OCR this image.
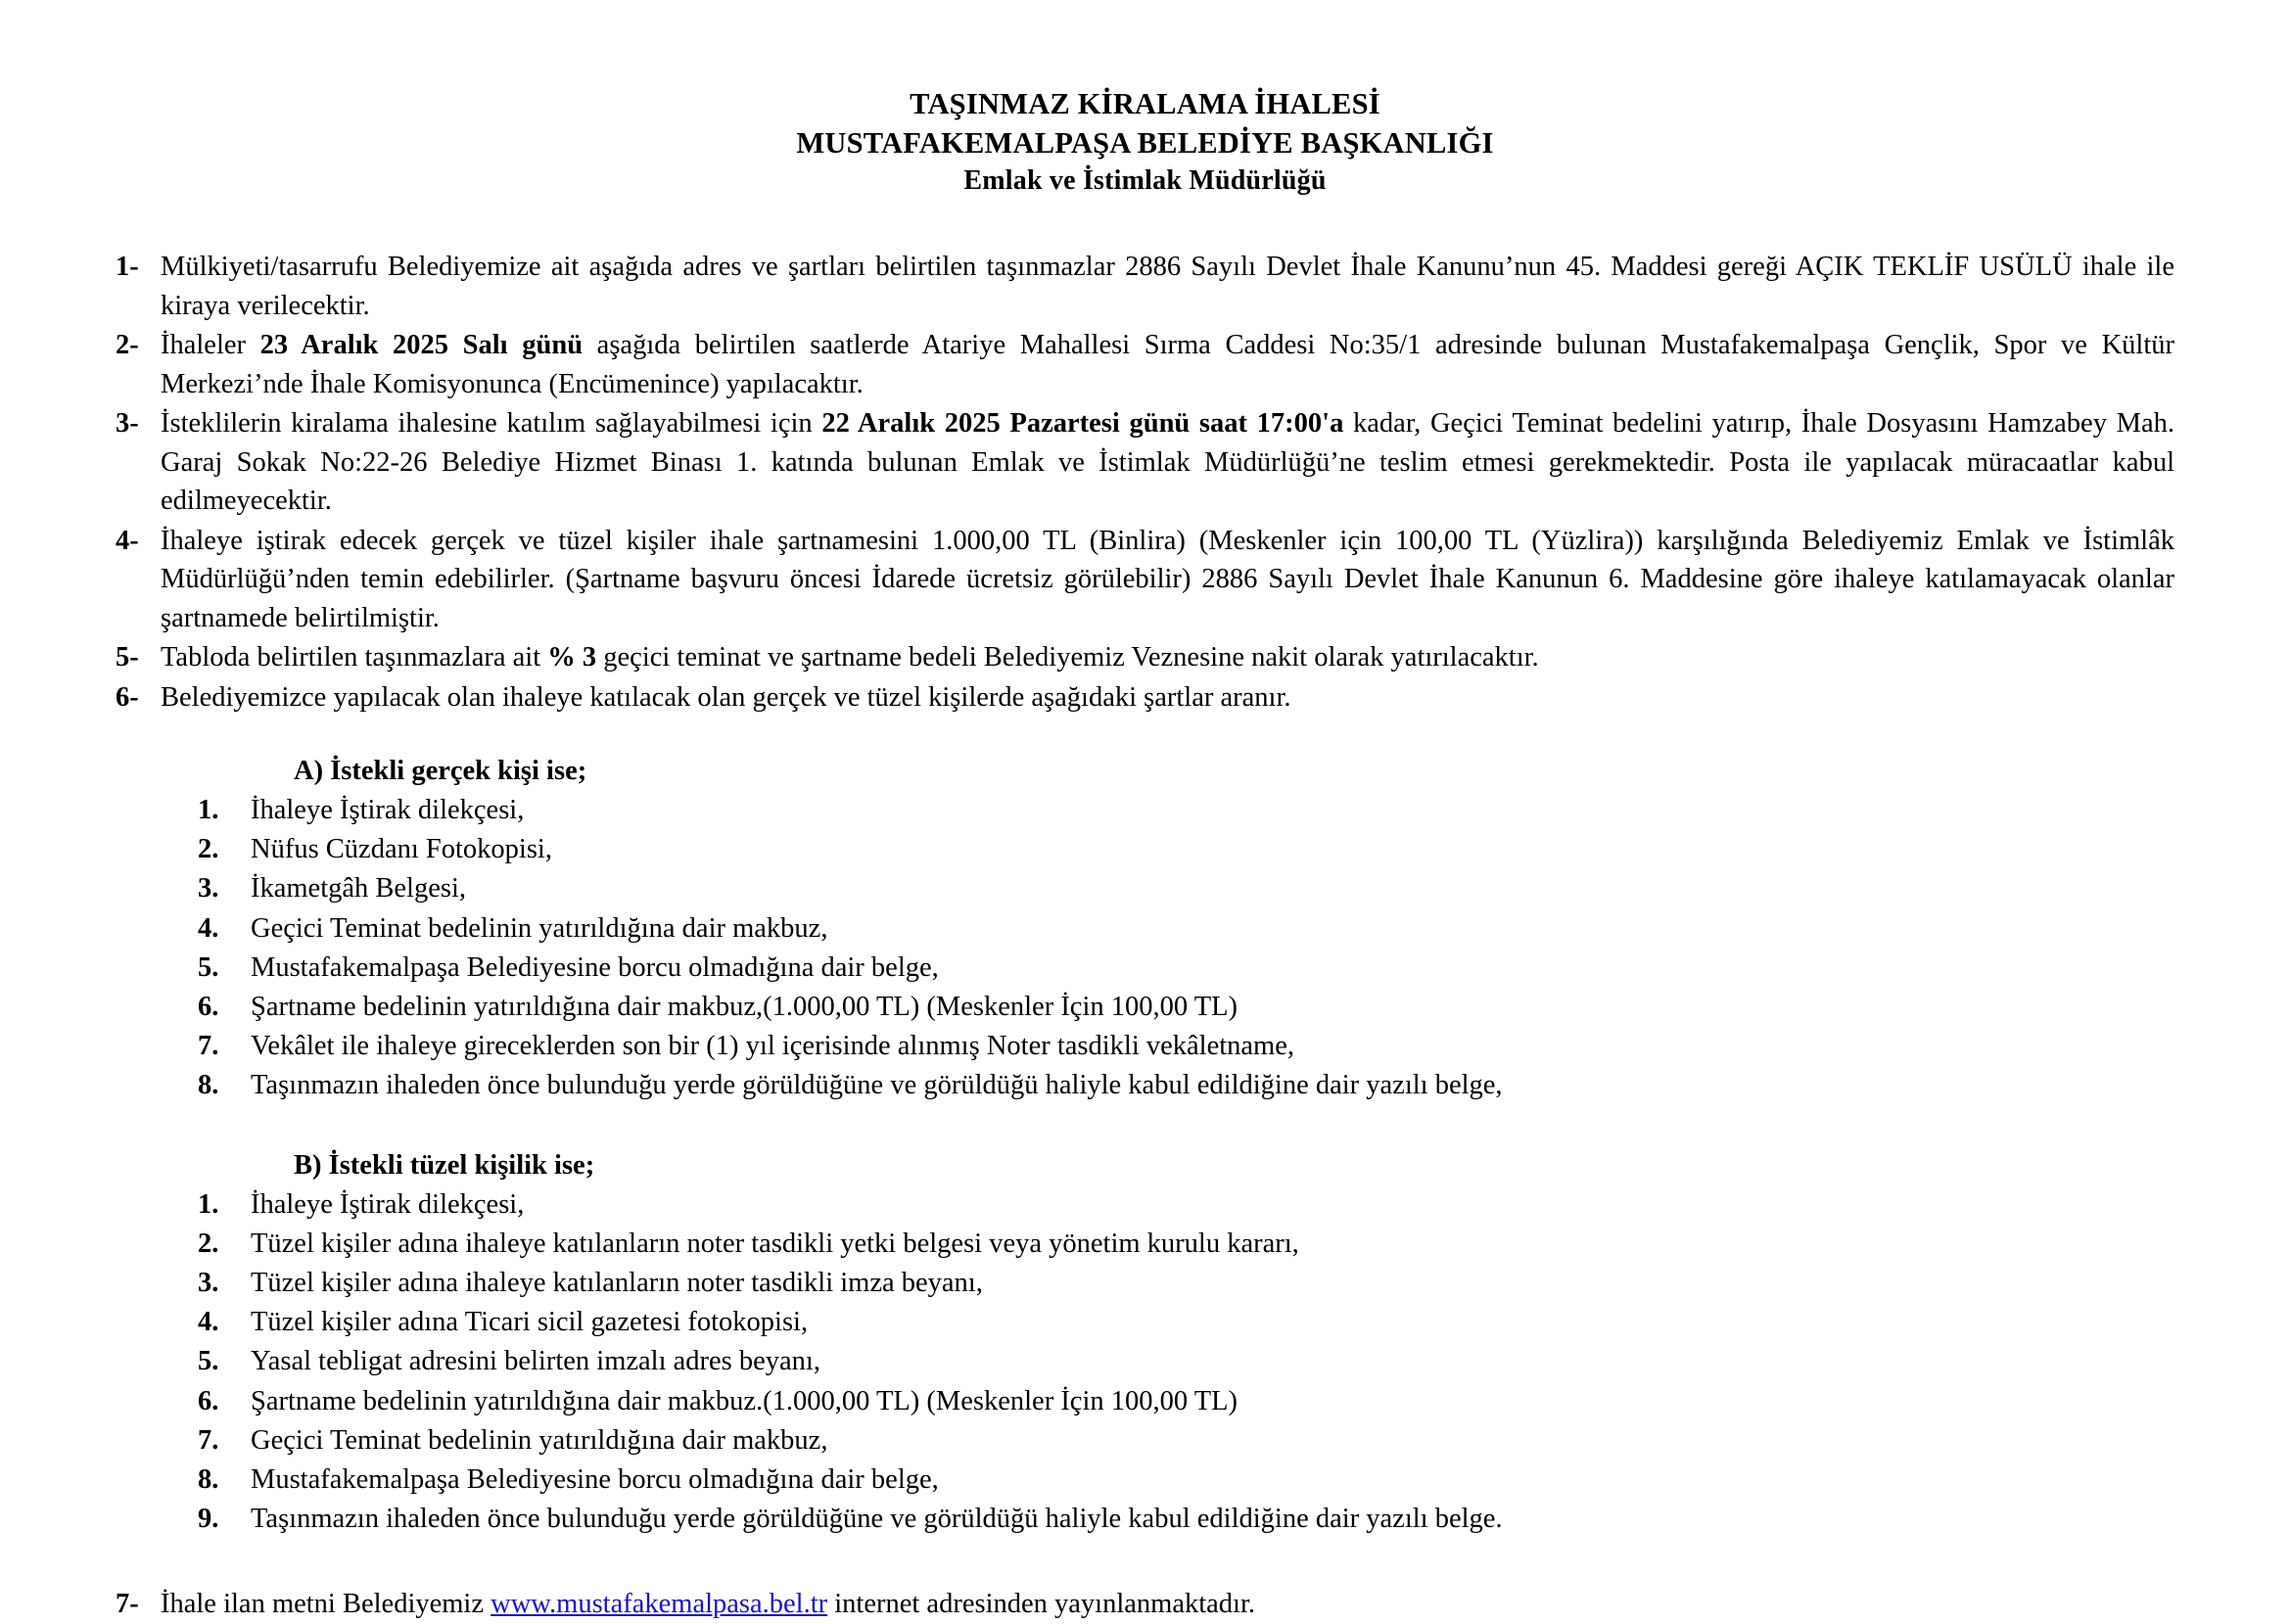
TAŞINMAZ KİRALAMA İHALESİ
MUSTAFAKEMALPAŞA BELEDİYE BAŞKANLIĞI
Emlak ve İstimlak Müdürlüğü

1- Mülkiyeti/tasarrufu Belediyemize ait aşağıda adres ve şartları belirtilen taşınmazlar 2886 Sayılı Devlet İhale Kanunu’nun 45. Maddesi gereği AÇIK TEKLİF USÜLÜ ihale ile kiraya verilecektir.

2- İhaleler 23 Aralık 2025 Salı günü aşağıda belirtilen saatlerde Atariye Mahallesi Sırma Caddesi No:35/1 adresinde bulunan Mustafakemalpaşa Gençlik, Spor ve Kültür Merkezi’nde İhale Komisyonunca (Encümenince) yapılacaktır.

3- İsteklilerin kiralama ihalesine katılım sağlayabilmesi için 22 Aralık 2025 Pazartesi günü saat 17:00'a kadar, Geçici Teminat bedelini yatırıp, İhale Dosyasını Hamzabey Mah. Garaj Sokak No:22-26 Belediye Hizmet Binası 1. katında bulunan Emlak ve İstimlak Müdürlüğü’ne teslim etmesi gerekmektedir. Posta ile yapılacak müracaatlar kabul edilmeyecektir.

4- İhaleye iştirak edecek gerçek ve tüzel kişiler ihale şartnamesini 1.000,00 TL (Binlira) (Meskenler için 100,00 TL (Yüzlira)) karşılığında Belediyemiz Emlak ve İstimlâk Müdürlüğü’nden temin edebilirler. (Şartname başvuru öncesi İdarede ücretsiz görülebilir) 2886 Sayılı Devlet İhale Kanunun 6. Maddesine göre ihaleye katılamayacak olanlar şartnamede belirtilmiştir.

5- Tabloda belirtilen taşınmazlara ait % 3 geçici teminat ve şartname bedeli Belediyemiz Veznesine nakit olarak yatırılacaktır.

6- Belediyemizce yapılacak olan ihaleye katılacak olan gerçek ve tüzel kişilerde aşağıdaki şartlar aranır.

A) İstekli gerçek kişi ise;
1.	İhaleye İştirak dilekçesi,
2.	Nüfus Cüzdanı Fotokopisi,
3.	İkametgâh Belgesi,
4.	Geçici Teminat bedelinin yatırıldığına dair makbuz,
5.	Mustafakemalpaşa Belediyesine borcu olmadığına dair belge,
6.	Şartname bedelinin yatırıldığına dair makbuz,(1.000,00 TL) (Meskenler İçin 100,00 TL)
7.	Vekâlet ile ihaleye gireceklerden son bir (1) yıl içerisinde alınmış Noter tasdikli vekâletname,
8.	Taşınmazın ihaleden önce bulunduğu yerde görüldüğüne ve görüldüğü haliyle kabul edildiğine dair yazılı belge,
B) İstekli tüzel kişilik ise;
1.	İhaleye İştirak dilekçesi,
2.	Tüzel kişiler adına ihaleye katılanların noter tasdikli yetki belgesi veya yönetim kurulu kararı,
3.	Tüzel kişiler adına ihaleye katılanların noter tasdikli imza beyanı,
4.	Tüzel kişiler adına Ticari sicil gazetesi fotokopisi,
5.	Yasal tebligat adresini belirten imzalı adres beyanı,
6.	Şartname bedelinin yatırıldığına dair makbuz.(1.000,00 TL) (Meskenler İçin 100,00 TL)
7.	Geçici Teminat bedelinin yatırıldığına dair makbuz,
8.	Mustafakemalpaşa Belediyesine borcu olmadığına dair belge,
9.	Taşınmazın ihaleden önce bulunduğu yerde görüldüğüne ve görüldüğü haliyle kabul edildiğine dair yazılı belge.
7- İhale ilan metni Belediyemiz www.mustafakemalpasa.bel.tr internet adresinden yayınlanmaktadır.
